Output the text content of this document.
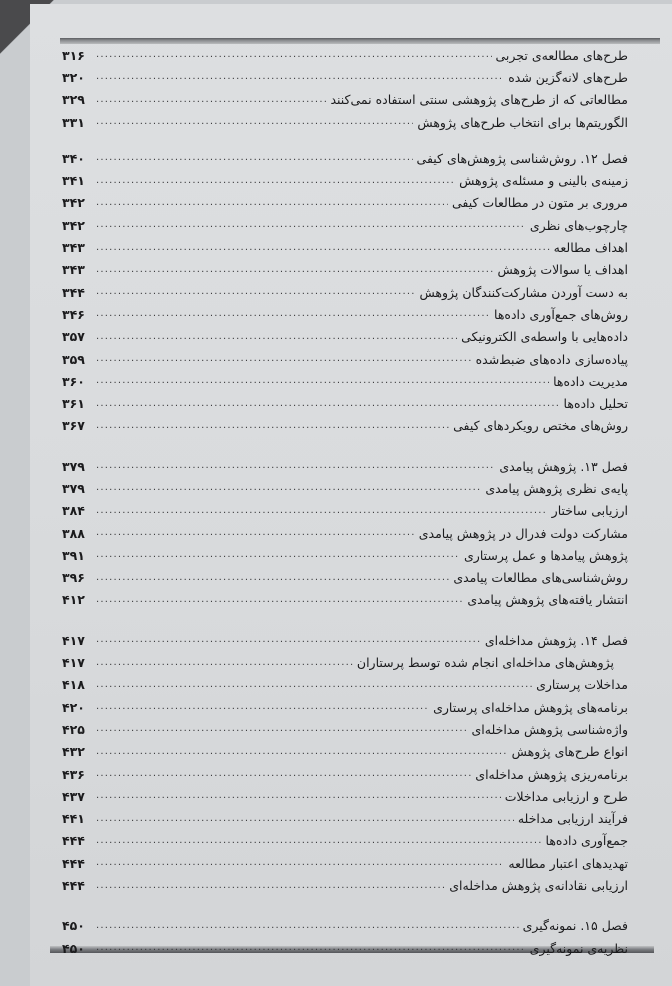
طرح‌های مطالعه‌ی تجربی
.....
۳۱۶
طرح‌های لانه‌گزین شده
.....
۳۲۰
مطالعاتی که از طرح‌های پژوهشی سنتی استفاده نمی‌کنند
.....
۳۲۹
الگوریتم‌ها برای انتخاب طرح‌های پژوهش
.....
۳۳۱
فصل ۱۲. روش‌شناسی پژوهش‌های کیفی
.....
۳۴۰
زمینه‌ی بالینی و مسئله‌ی پژوهش
.....
۳۴۱
مروری بر متون در مطالعات کیفی
.....
۳۴۲
چارچوب‌های نظری
.....
۳۴۲
اهداف مطالعه
.....
۳۴۳
اهداف یا سوالات پژوهش
.....
۳۴۳
به دست آوردن مشارکت‌کنندگان پژوهش
.....
۳۴۴
روش‌های جمع‌آوری داده‌ها
.....
۳۴۶
داده‌هایی با واسطه‌ی الکترونیکی
.....
۳۵۷
پیاده‌سازی داده‌های ضبط‌شده
.....
۳۵۹
مدیریت داده‌ها
.....
۳۶۰
تحلیل داده‌ها
.....
۳۶۱
روش‌های مختص رویکردهای کیفی
.....
۳۶۷
فصل ۱۳. پژوهش پیامدی
.....
۳۷۹
پایه‌ی نظری پژوهش پیامدی
.....
۳۷۹
ارزیابی ساختار
.....
۳۸۴
مشارکت دولت فدرال در پژوهش پیامدی
.....
۳۸۸
پژوهش پیامدها و عمل پرستاری
.....
۳۹۱
روش‌شناسی‌های مطالعات پیامدی
.....
۳۹۶
انتشار یافته‌های پژوهش پیامدی
.....
۴۱۲
فصل ۱۴. پژوهش مداخله‌ای
.....
۴۱۷
پژوهش‌های مداخله‌ای انجام شده توسط پرستاران
.....
۴۱۷
مداخلات پرستاری
.....
۴۱۸
برنامه‌های پژوهش مداخله‌ای پرستاری
.....
۴۲۰
واژه‌شناسی پژوهش مداخله‌ای
.....
۴۲۵
انواع طرح‌های پژوهش
.....
۴۳۲
برنامه‌ریزی پژوهش مداخله‌ای
.....
۴۳۶
طرح و ارزیابی مداخلات
.....
۴۳۷
فرآیند ارزیابی مداخله
.....
۴۴۱
جمع‌آوری داده‌ها
.....
۴۴۴
تهدیدهای اعتبار مطالعه
.....
۴۴۴
ارزیابی نقادانه‌ی پژوهش مداخله‌ای
.....
۴۴۴
فصل ۱۵. نمونه‌گیری
.....
۴۵۰
نظریه‌ی نمونه‌گیری
.....
۴۵۰
